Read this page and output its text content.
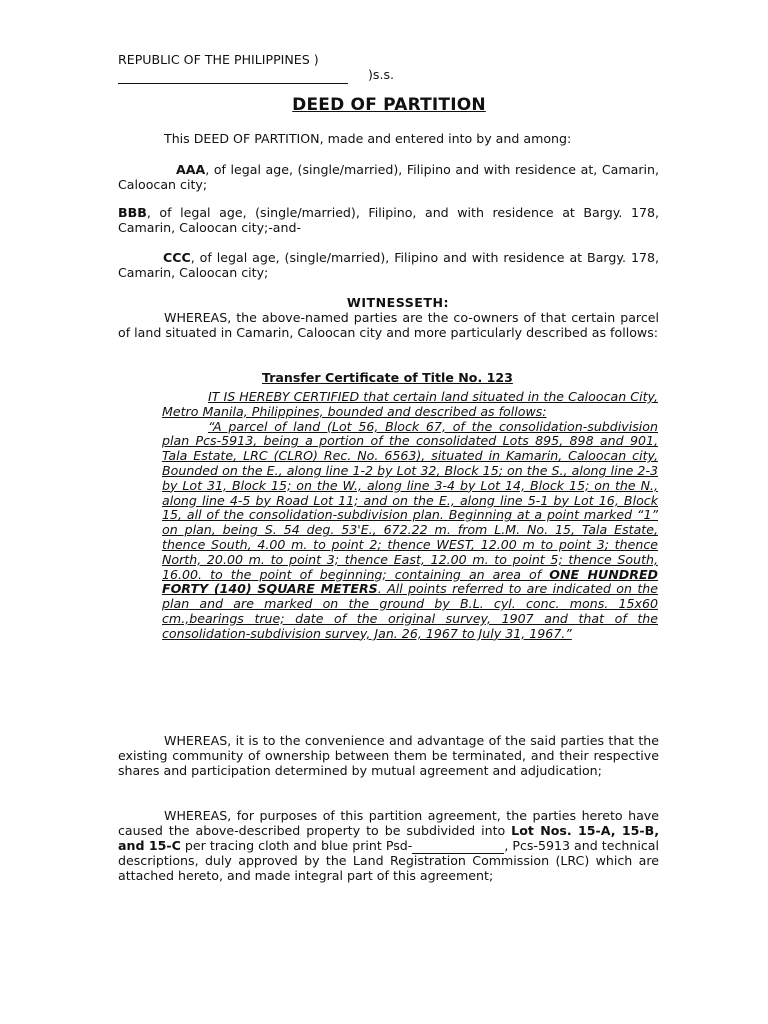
REPUBLIC OF THE PHILIPPINES )
)s.s.
DEED OF PARTITION
This DEED OF PARTITION, made and entered into by and among:
AAA, of legal age, (single/married), Filipino and with residence at, Camarin, Caloocan city;
BBB, of legal age, (single/married), Filipino, and with residence at Bargy. 178, Camarin, Caloocan city;-and-
CCC, of legal age, (single/married), Filipino and with residence at Bargy. 178, Camarin, Caloocan city;
WITNESSETH:
WHEREAS, the above-named parties are the co-owners of that certain parcel of land situated in Camarin, Caloocan city and more particularly described as follows:
Transfer Certificate of Title No. 123
IT IS HEREBY CERTIFIED that certain land situated in the Caloocan City, Metro Manila, Philippines, bounded and described as follows:
“A parcel of land (Lot 56, Block 67, of the consolidation-subdivision plan Pcs-5913, being a portion of the consolidated Lots 895, 898 and 901, Tala Estate, LRC (CLRO) Rec. No. 6563), situated in Kamarin, Caloocan city, Bounded on the E., along line 1-2 by Lot 32, Block 15; on the S., along line 2-3 by Lot 31, Block 15; on the W., along line 3-4 by Lot 14, Block 15; on the N., along line 4-5 by Road Lot 11; and on the E., along line 5-1 by Lot 16, Block 15, all of the consolidation-subdivision plan. Beginning at a point marked “1” on plan, being S. 54 deg. 53'E., 672.22 m. from L.M. No. 15, Tala Estate, thence South, 4.00 m. to point 2; thence WEST, 12.00 m to point 3; thence North, 20.00 m. to point 3; thence East, 12.00 m. to point 5; thence South, 16.00. to the point of beginning; containing an area of ONE HUNDRED FORTY (140) SQUARE METERS. All points referred to are indicated on the plan and are marked on the ground by B.L. cyl. conc. mons. 15x60 cm.,bearings true; date of the original survey, 1907 and that of the consolidation-subdivision survey, Jan. 26, 1967 to July 31, 1967.”
WHEREAS, it is to the convenience and advantage of the said parties that the existing community of ownership between them be terminated, and their respective shares and participation determined by mutual agreement and adjudication;
WHEREAS, for purposes of this partition agreement, the parties hereto have caused the above-described property to be subdivided into Lot Nos. 15-A, 15-B, and 15-C per tracing cloth and blue print Psd-	, Pcs-5913 and technical descriptions, duly approved by the Land Registration Commission (LRC) which are attached hereto, and made integral part of this agreement;
